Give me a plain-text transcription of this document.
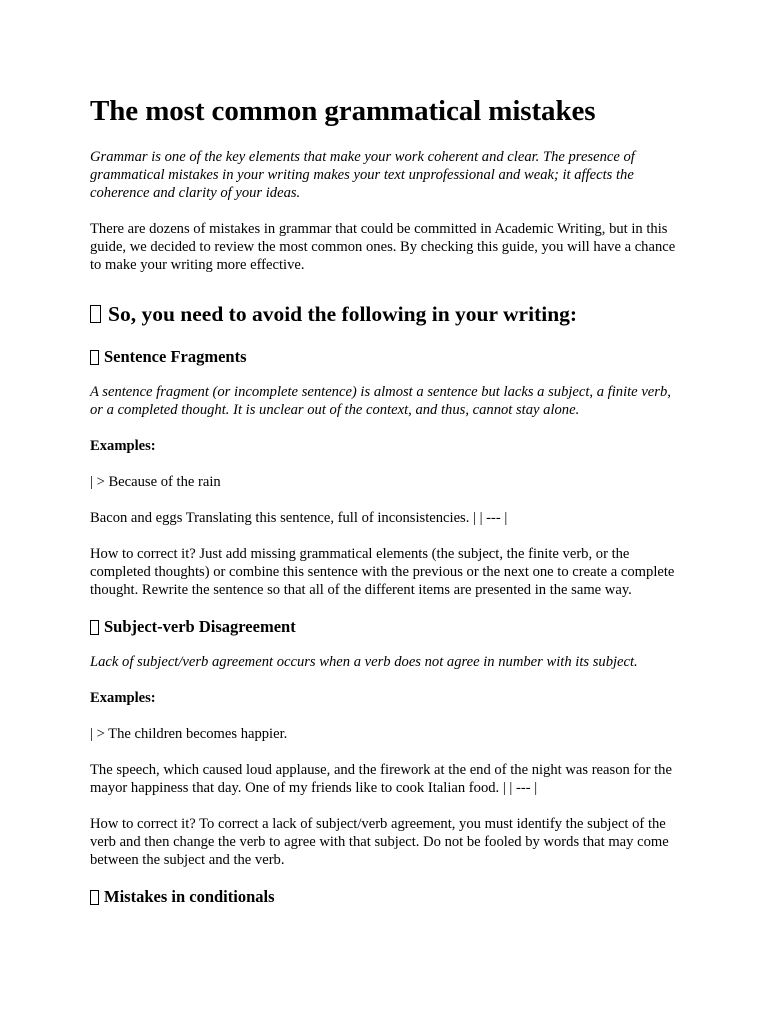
The most common grammatical mistakes

Grammar is one of the key elements that make your work coherent and clear. The presence of grammatical mistakes in your writing makes your text unprofessional and weak; it affects the coherence and clarity of your ideas.

There are dozens of mistakes in grammar that could be committed in Academic Writing, but in this guide, we decided to review the most common ones. By checking this guide, you will have a chance to make your writing more effective.

So, you need to avoid the following in your writing:
Sentence Fragments

A sentence fragment (or incomplete sentence) is almost a sentence but lacks a subject, a finite verb, or a completed thought. It is unclear out of the context, and thus, cannot stay alone.

Examples:

| > Because of the rain

Bacon and eggs Translating this sentence, full of inconsistencies. | | --- |

How to correct it? Just add missing grammatical elements (the subject, the finite verb, or the completed thoughts) or combine this sentence with the previous or the next one to create a complete thought. Rewrite the sentence so that all of the different items are presented in the same way.

Subject-verb Disagreement

Lack of subject/verb agreement occurs when a verb does not agree in number with its subject.

Examples:

| > The children becomes happier.

The speech, which caused loud applause, and the firework at the end of the night was reason for the mayor happiness that day. One of my friends like to cook Italian food. | | --- |

How to correct it? To correct a lack of subject/verb agreement, you must identify the subject of the verb and then change the verb to agree with that subject. Do not be fooled by words that may come between the subject and the verb.

Mistakes in conditionals
